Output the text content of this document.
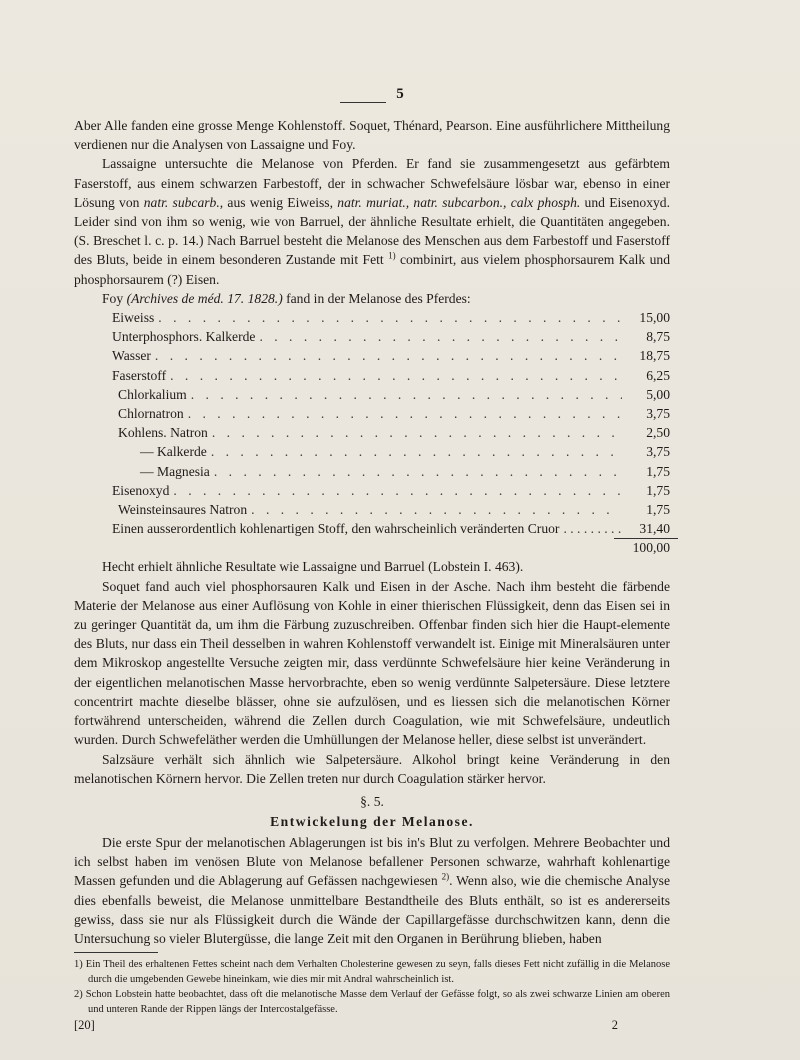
5

Aber Alle fanden eine grosse Menge Kohlenstoff. Soquet, Thénard, Pearson. Eine ausführlichere Mittheilung verdienen nur die Analysen von Lassaigne und Foy.

Lassaigne untersuchte die Melanose von Pferden. Er fand sie zusammengesetzt aus gefärbtem Faserstoff, aus einem schwarzen Farbestoff, der in schwacher Schwefelsäure lösbar war, ebenso in einer Lösung von natr. subcarb., aus wenig Eiweiss, natr. muriat., natr. subcarbon., calx phosph. und Eisenoxyd. Leider sind von ihm so wenig, wie von Barruel, der ähnliche Resultate erhielt, die Quantitäten angegeben. (S. Breschet l. c. p. 14.) Nach Barruel besteht die Melanose des Menschen aus dem Farbestoff und Faserstoff des Bluts, beide in einem besonderen Zustande mit Fett $^{1)}$ combinirt, aus vielem phosphorsaurem Kalk und phosphorsaurem (?) Eisen.

Foy (Archives de méd. 17. 1828.) fand in der Melanose des Pferdes:

Eiweiss . . .	15,00
Unterphosphors. Kalkerde . . .	8,75
Wasser . . .	18,75
Faserstoff . . .	6,25
Chlorkalium . . .	5,00
Chlornatron . . .	3,75
Kohlens. Natron . . .	2,50
— Kalkerde . . .	3,75
— Magnesia . . .	1,75
Eisenoxyd . . .	1,75
Weinsteinsaures Natron . . .	1,75
Einen ausserordentlich kohlenartigen Stoff, den wahrscheinlich veränderten Cruor . . .	31,40
100,00

Hecht erhielt ähnliche Resultate wie Lassaigne und Barruel (Lobstein I. 463).

Soquet fand auch viel phosphorsauren Kalk und Eisen in der Asche. Nach ihm besteht die färbende Materie der Melanose aus einer Auflösung von Kohle in einer thierischen Flüssigkeit, denn das Eisen sei in zu geringer Quantität da, um ihm die Färbung zuzuschreiben. Offenbar finden sich hier die Haupt-elemente des Bluts, nur dass ein Theil desselben in wahren Kohlenstoff verwandelt ist. Einige mit Mineralsäuren unter dem Mikroskop angestellte Versuche zeigten mir, dass verdünnte Schwefelsäure hier keine Veränderung in der eigentlichen melanotischen Masse hervorbrachte, eben so wenig verdünnte Salpetersäure. Diese letztere concentrirt machte dieselbe blässer, ohne sie aufzulösen, und es liessen sich die melanotischen Körner fortwährend unterscheiden, während die Zellen durch Coagulation, wie mit Schwefelsäure, undeutlich wurden. Durch Schwefeläther werden die Umhüllungen der Melanose heller, diese selbst ist unverändert.

Salzsäure verhält sich ähnlich wie Salpetersäure. Alkohol bringt keine Veränderung in den melanotischen Körnern hervor. Die Zellen treten nur durch Coagulation stärker hervor.

§. 5.
Entwickelung der Melanose.

Die erste Spur der melanotischen Ablagerungen ist bis in's Blut zu verfolgen. Mehrere Beobachter und ich selbst haben im venösen Blute von Melanose befallener Personen schwarze, wahrhaft kohlenartige Massen gefunden und die Ablagerung auf Gefässen nachgewiesen $^{2)}$. Wenn also, wie die chemische Analyse dies ebenfalls beweist, die Melanose unmittelbare Bestandtheile des Bluts enthält, so ist es andererseits gewiss, dass sie nur als Flüssigkeit durch die Wände der Capillargefässe durchschwitzen kann, denn die Untersuchung so vieler Blutergüsse, die lange Zeit mit den Organen in Berührung blieben, haben

1) Ein Theil des erhaltenen Fettes scheint nach dem Verhalten Cholesterine gewesen zu seyn, falls dieses Fett nicht zufällig in die Melanose durch die umgebenden Gewebe hineinkam, wie dies mir mit Andral wahrscheinlich ist.

2) Schon Lobstein hatte beobachtet, dass oft die melanotische Masse dem Verlauf der Gefässe folgt, so als zwei schwarze Linien am oberen und unteren Rande der Rippen längs der Intercostalgefässe.

[20]	2
